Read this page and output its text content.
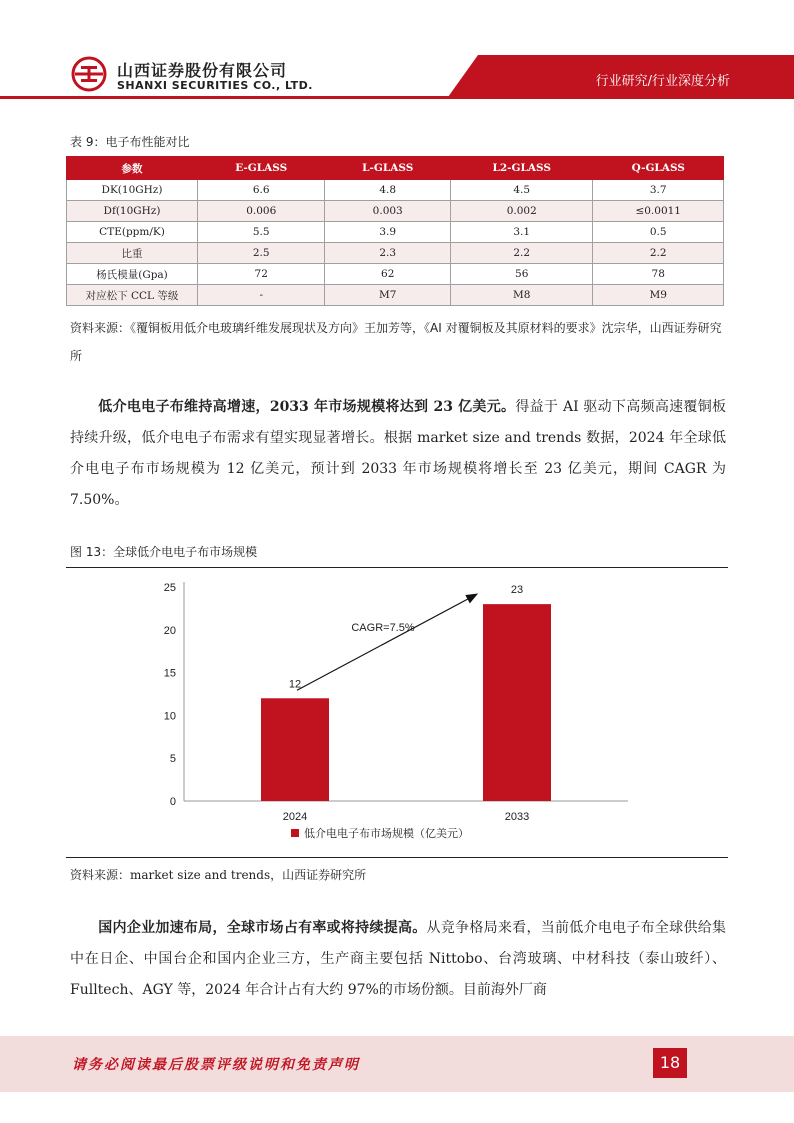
山西证券股份有限公司
SHANXI SECURITIES CO., LTD.	行业研究/行业深度分析
表 9：电子布性能对比
参数	E-GLASS	L-GLASS	L2-GLASS	Q-GLASS
DK(10GHz)	6.6	4.8	4.5	3.7
Df(10GHz)	0.006	0.003	0.002	≤0.0011
CTE(ppm/K)	5.5	3.9	3.1	0.5
比重	2.5	2.3	2.2	2.2
杨氏模量(Gpa)	72	62	56	78
对应松下 CCL 等级	-	M7	M8	M9
资料来源：《覆铜板用低介电玻璃纤维发展现状及方向》王加芳等，《AI 对覆铜板及其原材料的要求》沈宗华，山西证券研究所
低介电电子布维持高增速，2033 年市场规模将达到 23 亿美元。得益于 AI 驱动下高频高速覆铜板持续升级，低介电电子布需求有望实现显著增长。根据 market size and trends 数据，2024 年全球低介电电子布市场规模为 12 亿美元，预计到 2033 年市场规模将增长至 23 亿美元，期间 CAGR 为 7.50%。
图 13：全球低介电电子布市场规模
0
5
10
15
20
25
12
2024
23
2033
CAGR=7.5%
低介电电子布市场规模（亿美元）
资料来源：market size and trends，山西证券研究所
国内企业加速布局，全球市场占有率或将持续提高。从竞争格局来看，当前低介电电子布全球供给集中在日企、中国台企和国内企业三方，生产商主要包括 Nittobo、台湾玻璃、中材科技（泰山玻纤）、Fulltech、AGY 等，2024 年合计占有大约 97%的市场份额。目前海外厂商
请务必阅读最后股票评级说明和免责声明	18
